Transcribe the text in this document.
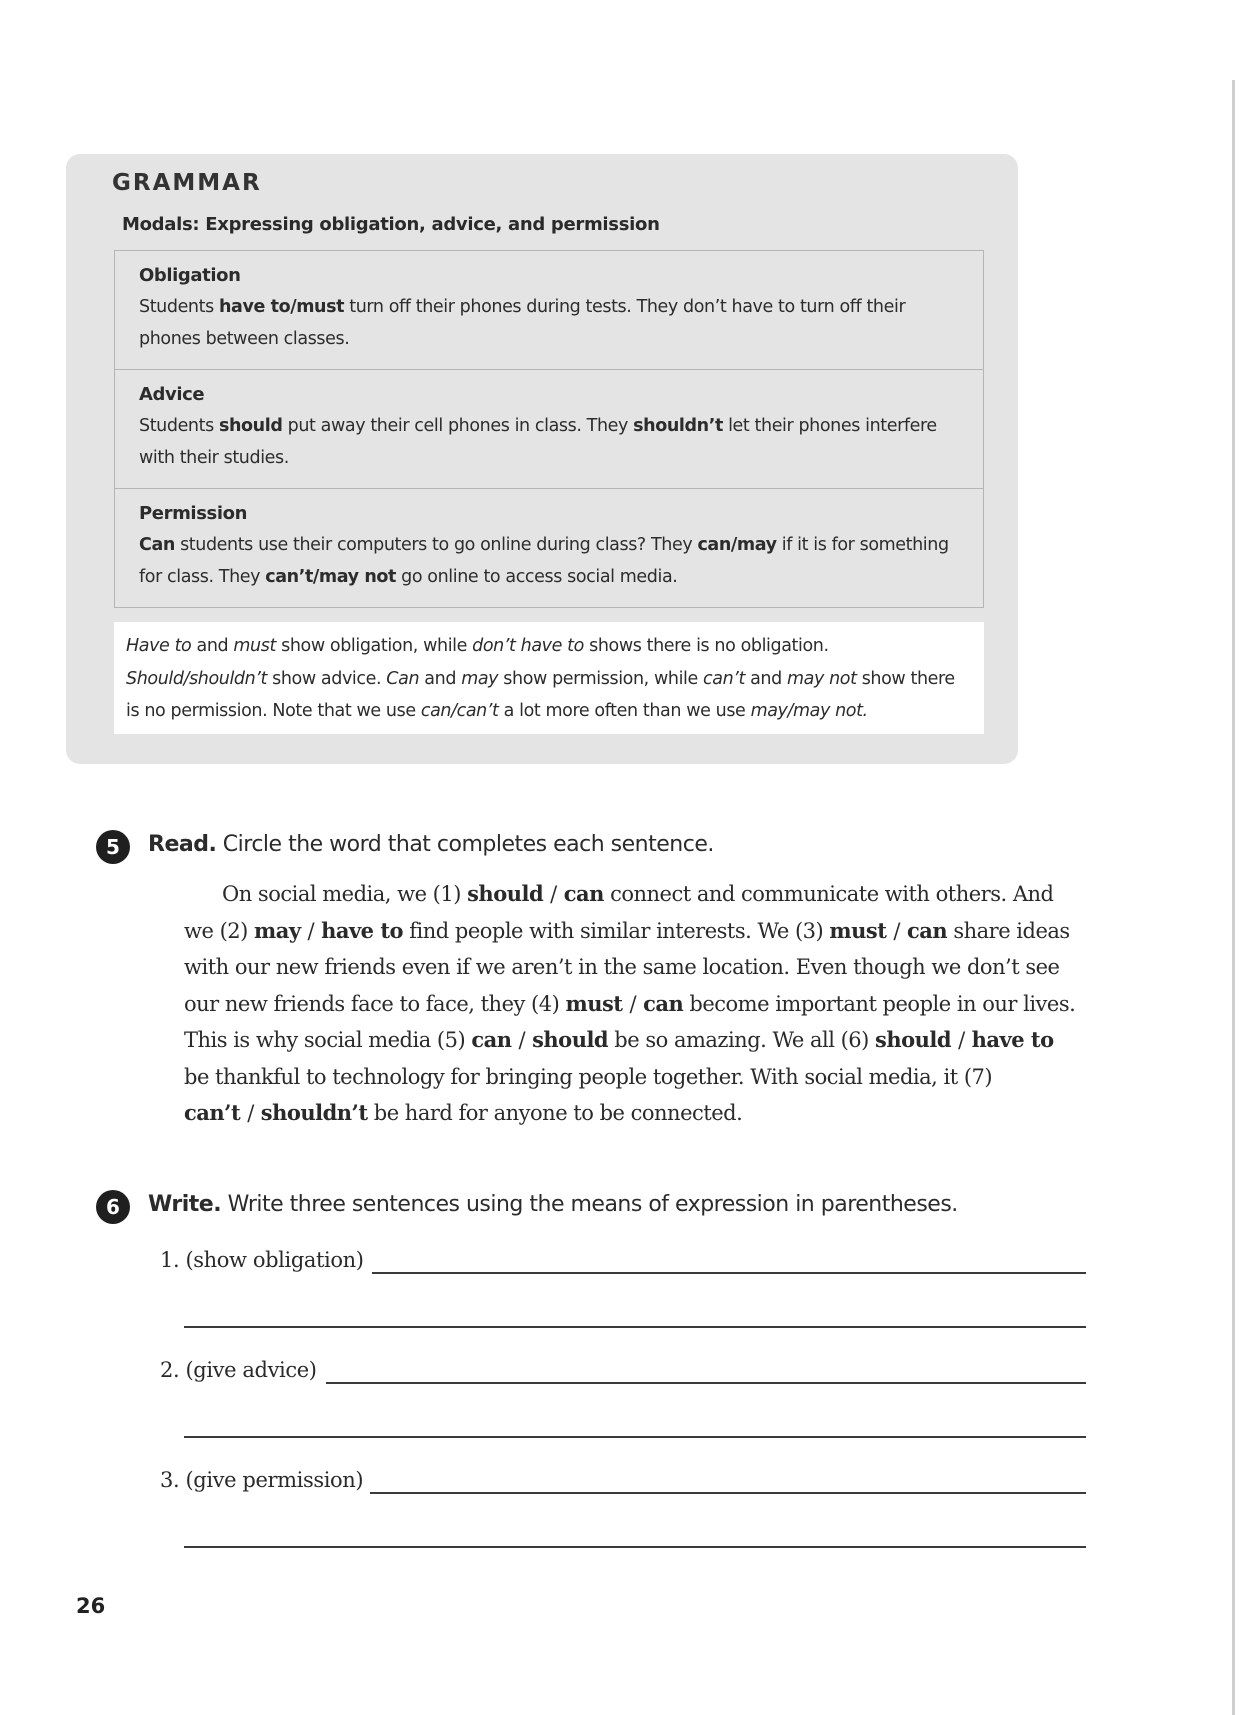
GRAMMAR
Modals: Expressing obligation, advice, and permission
Obligation
Students have to/must turn off their phones during tests. They don’t have to turn off their phones between classes.
Advice
Students should put away their cell phones in class. They shouldn’t let their phones interfere with their studies.
Permission
Can students use their computers to go online during class? They can/may if it is for something for class. They can’t/may not go online to access social media.
Have to and must show obligation, while don’t have to shows there is no obligation. Should/shouldn’t show advice. Can and may show permission, while can’t and may not show there is no permission. Note that we use can/can’t a lot more often than we use may/may not.
5	Read. Circle the word that completes each sentence.

On social media, we (1) should / can connect and communicate with others. And we (2) may / have to find people with similar interests. We (3) must / can share ideas with our new friends even if we aren’t in the same location. Even though we don’t see our new friends face to face, they (4) must / can become important people in our lives. This is why social media (5) can / should be so amazing. We all (6) should / have to be thankful to technology for bringing people together. With social media, it (7) can’t / shouldn’t be hard for anyone to be connected.

6	Write. Write three sentences using the means of expression in parentheses.
1. (show obligation)
2. (give advice)
3. (give permission)
26
